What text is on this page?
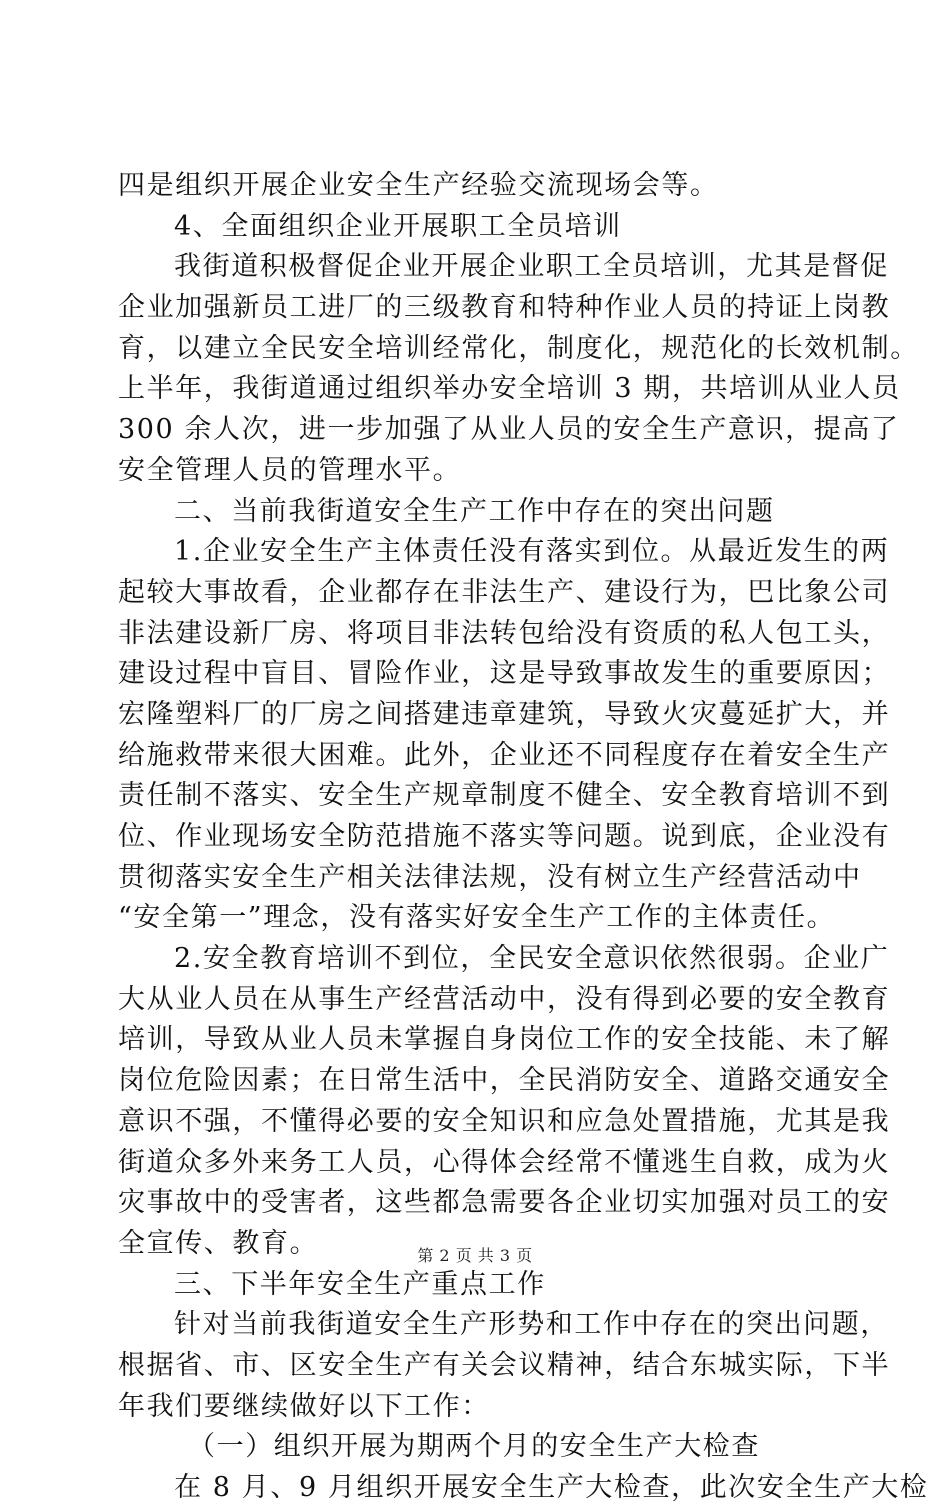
四是组织开展企业安全生产经验交流现场会等。
4、全面组织企业开展职工全员培训
我街道积极督促企业开展企业职工全员培训，尤其是督促
企业加强新员工进厂的三级教育和特种作业人员的持证上岗教
育，以建立全民安全培训经常化，制度化，规范化的长效机制。
上半年，我街道通过组织举办安全培训 3 期，共培训从业人员
300 余人次，进一步加强了从业人员的安全生产意识，提高了
安全管理人员的管理水平。
二、当前我街道安全生产工作中存在的突出问题
1.企业安全生产主体责任没有落实到位。从最近发生的两
起较大事故看，企业都存在非法生产、建设行为，巴比象公司
非法建设新厂房、将项目非法转包给没有资质的私人包工头，
建设过程中盲目、冒险作业，这是导致事故发生的重要原因；
宏隆塑料厂的厂房之间搭建违章建筑，导致火灾蔓延扩大，并
给施救带来很大困难。此外，企业还不同程度存在着安全生产
责任制不落实、安全生产规章制度不健全、安全教育培训不到
位、作业现场安全防范措施不落实等问题。说到底，企业没有
贯彻落实安全生产相关法律法规，没有树立生产经营活动中
“安全第一”理念，没有落实好安全生产工作的主体责任。
2.安全教育培训不到位，全民安全意识依然很弱。企业广
大从业人员在从事生产经营活动中，没有得到必要的安全教育
培训，导致从业人员未掌握自身岗位工作的安全技能、未了解
岗位危险因素；在日常生活中，全民消防安全、道路交通安全
意识不强，不懂得必要的安全知识和应急处置措施，尤其是我
街道众多外来务工人员，心得体会经常不懂逃生自救，成为火
灾事故中的受害者，这些都急需要各企业切实加强对员工的安
全宣传、教育。
三、下半年安全生产重点工作
针对当前我街道安全生产形势和工作中存在的突出问题，
根据省、市、区安全生产有关会议精神，结合东城实际，下半
年我们要继续做好以下工作：
（一）组织开展为期两个月的安全生产大检查
在 8 月、9 月组织开展安全生产大检查，此次安全生产大检
第 2 页 共 3 页
